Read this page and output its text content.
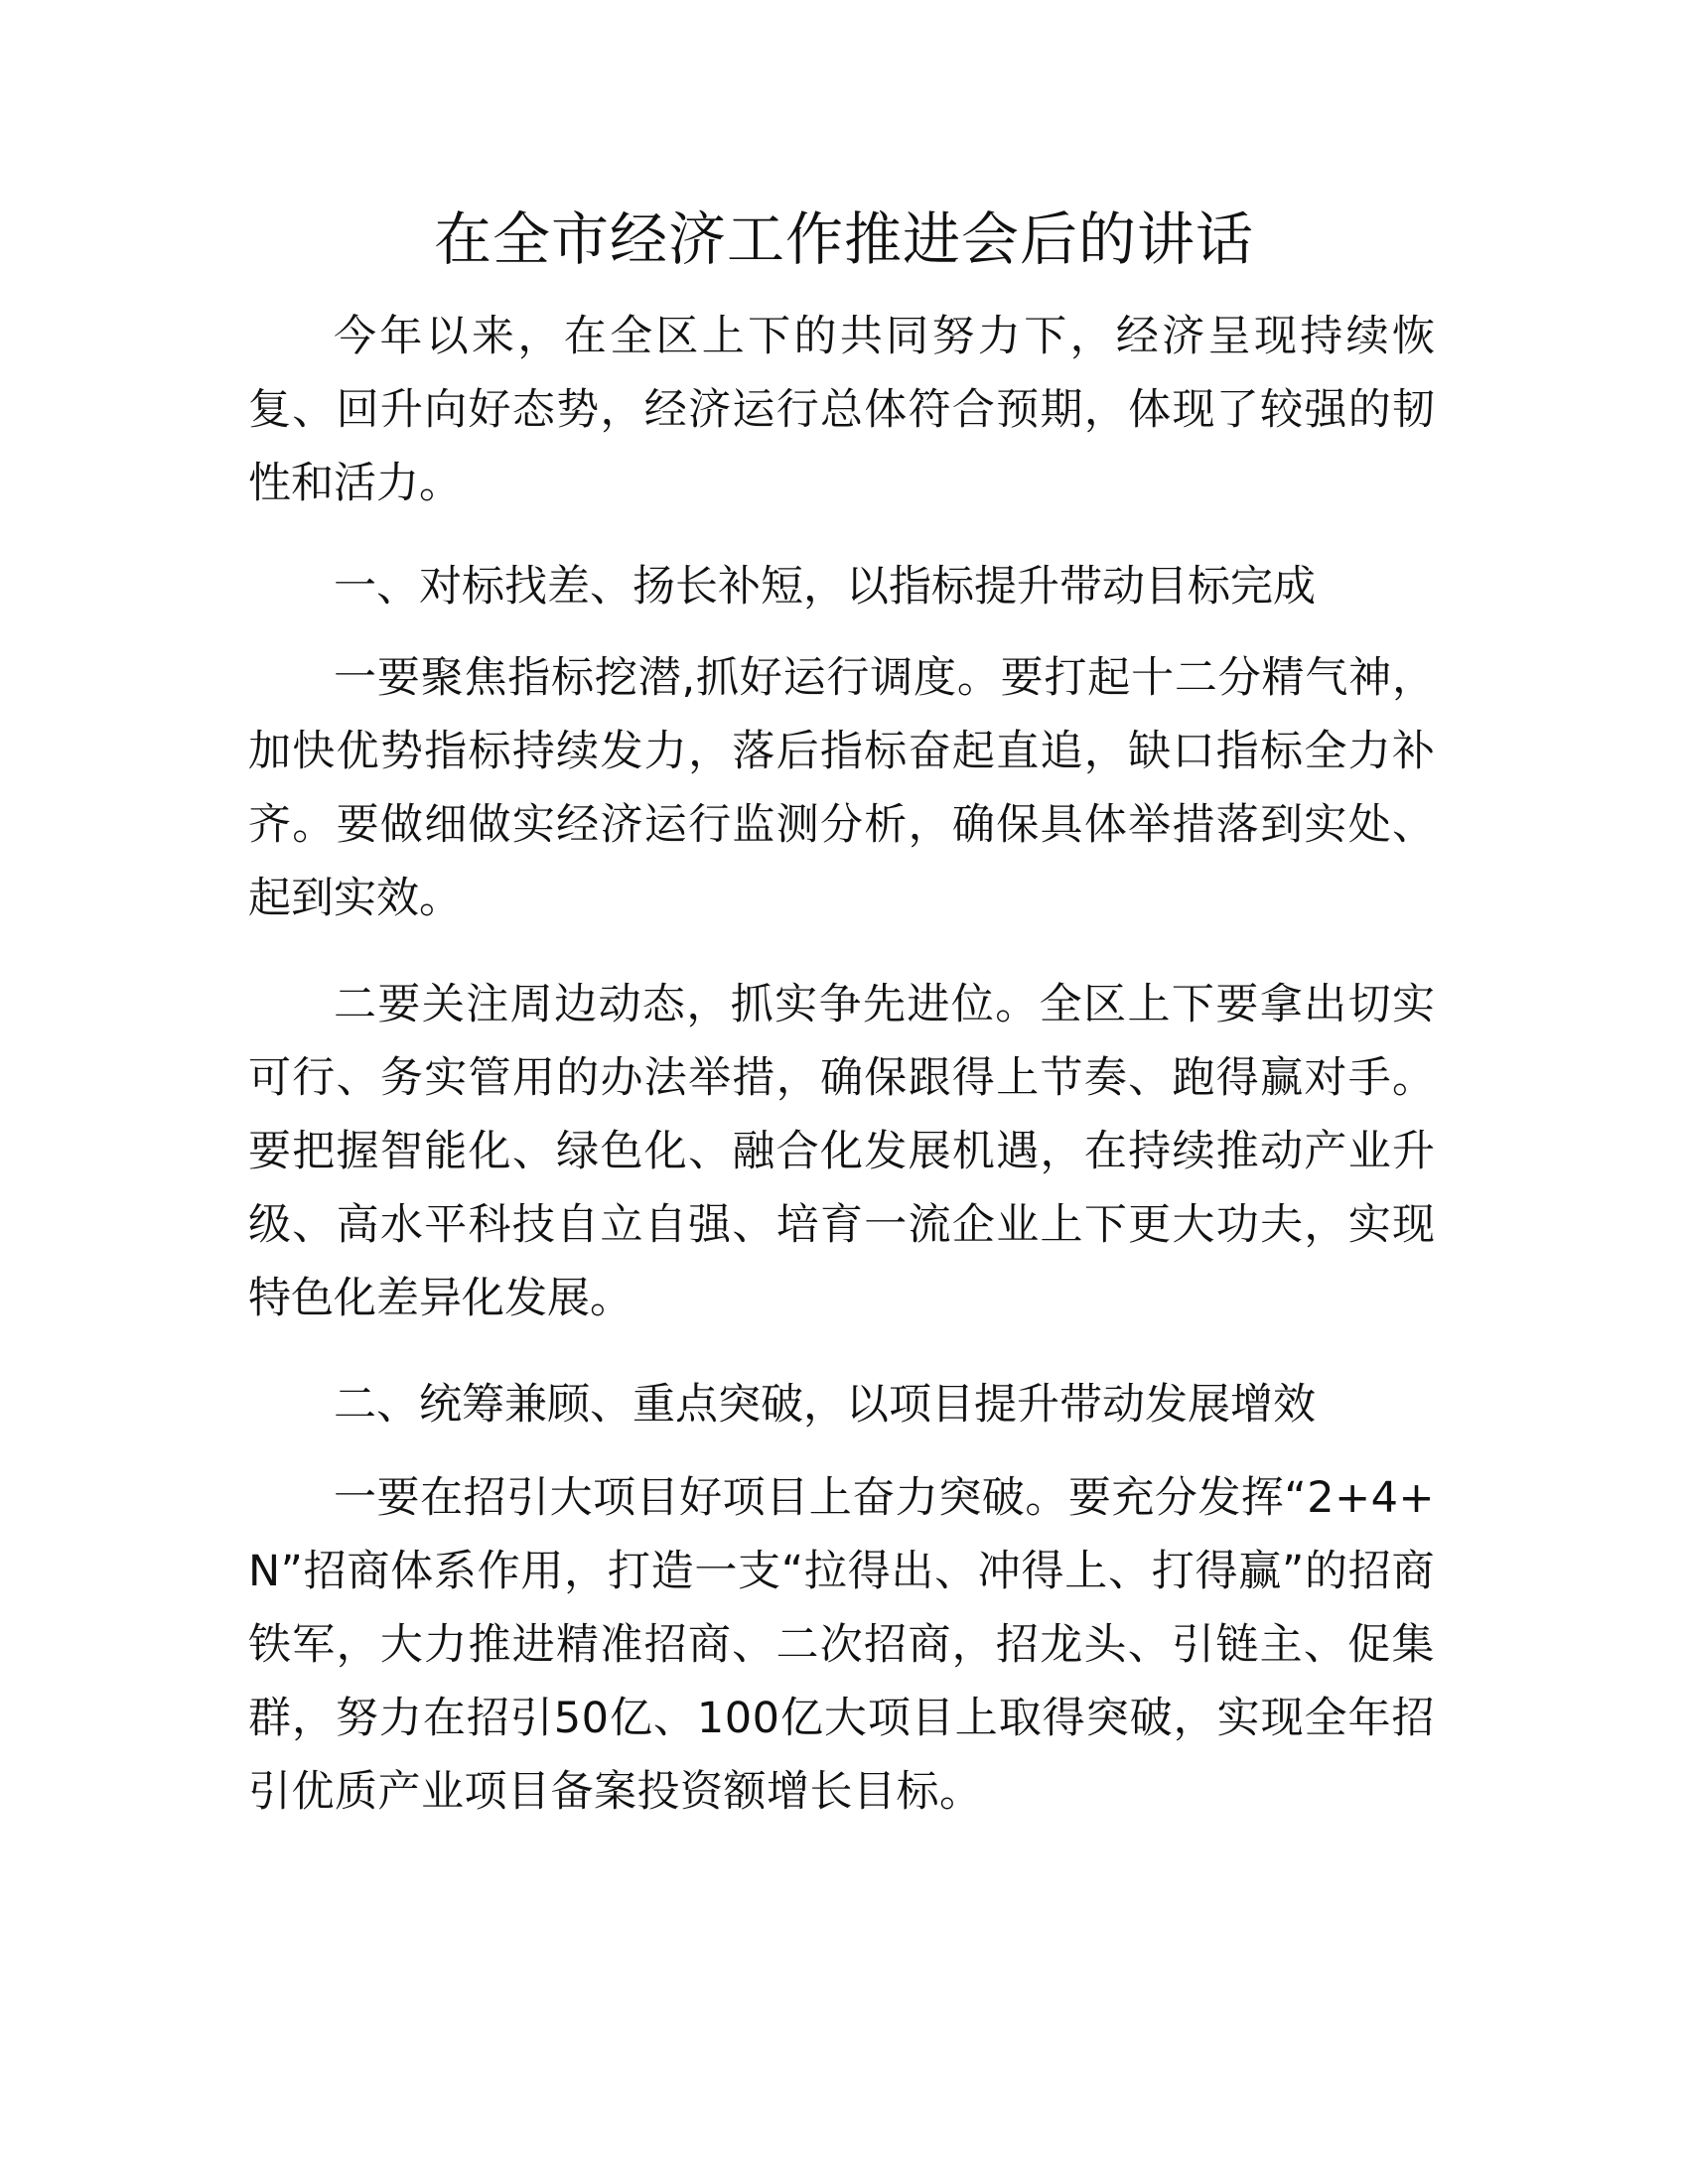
在全市经济工作推进会后的讲话

今年以来，在全区上下的共同努力下，经济呈现持续恢复、回升向好态势，经济运行总体符合预期，体现了较强的韧性和活力。

一、对标找差、扬长补短，以指标提升带动目标完成

一要聚焦指标挖潜,抓好运行调度。要打起十二分精气神，加快优势指标持续发力，落后指标奋起直追，缺口指标全力补齐。要做细做实经济运行监测分析，确保具体举措落到实处、起到实效。

二要关注周边动态，抓实争先进位。全区上下要拿出切实可行、务实管用的办法举措，确保跟得上节奏、跑得赢对手。要把握智能化、绿色化、融合化发展机遇，在持续推动产业升级、高水平科技自立自强、培育一流企业上下更大功夫，实现特色化差异化发展。

二、统筹兼顾、重点突破，以项目提升带动发展增效

一要在招引大项目好项目上奋力突破。要充分发挥“2+4+N”招商体系作用，打造一支“拉得出、冲得上、打得赢”的招商铁军，大力推进精准招商、二次招商，招龙头、引链主、促集群，努力在招引50亿、100亿大项目上取得突破，实现全年招引优质产业项目备案投资额增长目标。
